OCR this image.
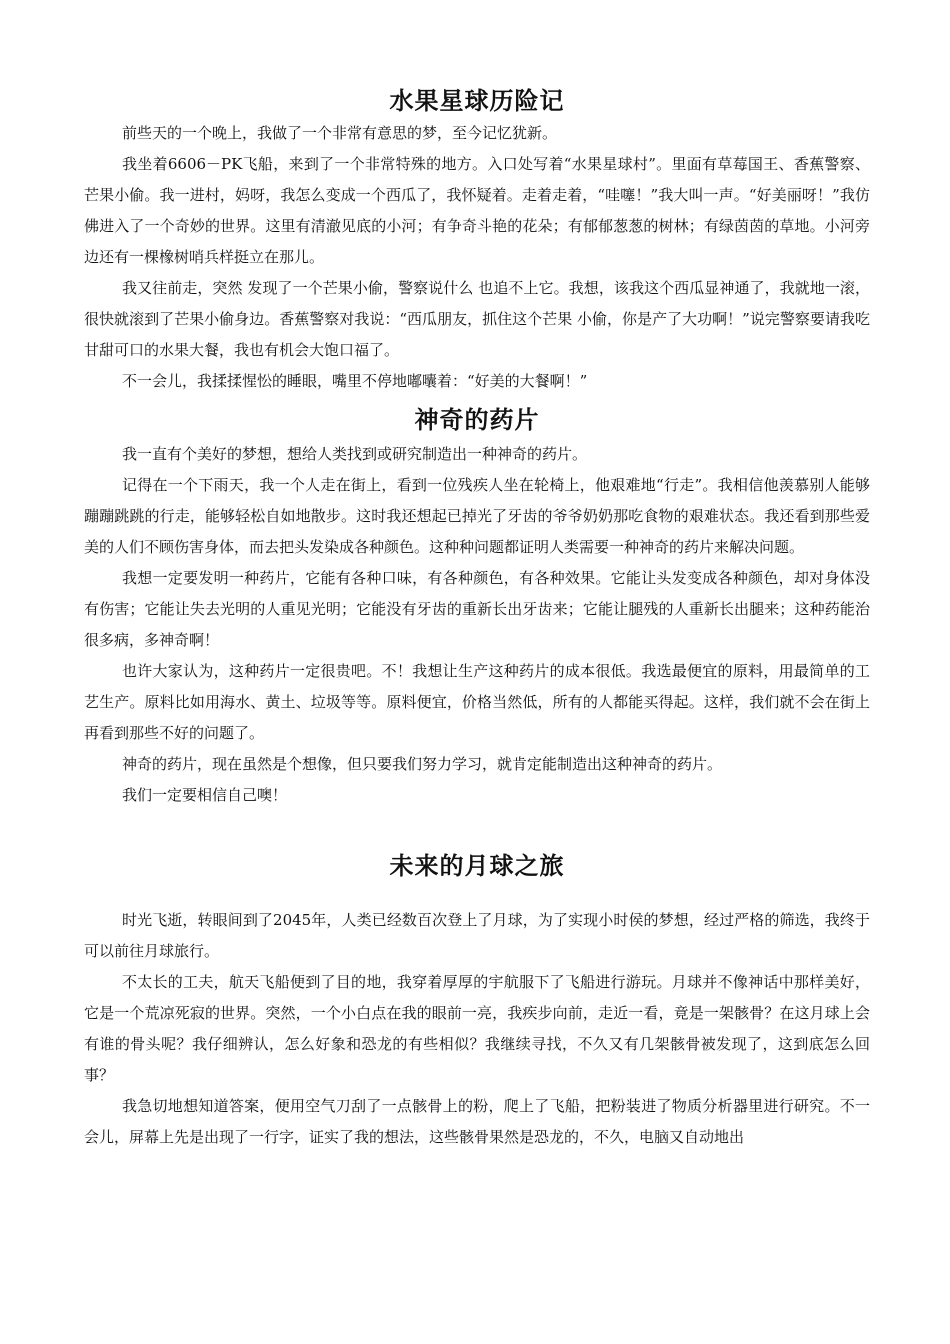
水果星球历险记

前些天的一个晚上，我做了一个非常有意思的梦，至今记忆犹新。

我坐着6606－PK飞船，来到了一个非常特殊的地方。入口处写着“水果星球村”。里面有草莓国王、香蕉警察、芒果小偷。我一进村，妈呀，我怎么变成一个西瓜了，我怀疑着。走着走着，“哇噻！”我大叫一声。“好美丽呀！”我仿佛进入了一个奇妙的世界。这里有清澈见底的小河；有争奇斗艳的花朵；有郁郁葱葱的树林；有绿茵茵的草地。小河旁边还有一棵橡树哨兵样挺立在那儿。

我又往前走，突然 发现了一个芒果小偷，警察说什么 也追不上它。我想，该我这个西瓜显神通了，我就地一滚，很快就滚到了芒果小偷身边。香蕉警察对我说：“西瓜朋友，抓住这个芒果 小偷，你是产了大功啊！”说完警察要请我吃甘甜可口的水果大餐，我也有机会大饱口福了。

不一会儿，我揉揉惺忪的睡眼，嘴里不停地嘟囔着：“好美的大餐啊！”

神奇的药片

我一直有个美好的梦想，想给人类找到或研究制造出一种神奇的药片。

记得在一个下雨天，我一个人走在街上，看到一位残疾人坐在轮椅上，他艰难地“行走”。我相信他羡慕别人能够蹦蹦跳跳的行走，能够轻松自如地散步。这时我还想起已掉光了牙齿的爷爷奶奶那吃食物的艰难状态。我还看到那些爱美的人们不顾伤害身体，而去把头发染成各种颜色。这种种问题都证明人类需要一种神奇的药片来解决问题。

我想一定要发明一种药片，它能有各种口味，有各种颜色，有各种效果。它能让头发变成各种颜色，却对身体没有伤害；它能让失去光明的人重见光明；它能没有牙齿的重新长出牙齿来；它能让腿残的人重新长出腿来；这种药能治很多病，多神奇啊！

也许大家认为，这种药片一定很贵吧。不！我想让生产这种药片的成本很低。我选最便宜的原料，用最简单的工艺生产。原料比如用海水、黄土、垃圾等等。原料便宜，价格当然低，所有的人都能买得起。这样，我们就不会在街上再看到那些不好的问题了。

神奇的药片，现在虽然是个想像，但只要我们努力学习，就肯定能制造出这种神奇的药片。

我们一定要相信自己噢！

未来的月球之旅

时光飞逝，转眼间到了2045年，人类已经数百次登上了月球，为了实现小时侯的梦想，经过严格的筛选，我终于可以前往月球旅行。

不太长的工夫，航天飞船便到了目的地，我穿着厚厚的宇航服下了飞船进行游玩。月球并不像神话中那样美好，它是一个荒凉死寂的世界。突然，一个小白点在我的眼前一亮，我疾步向前，走近一看，竟是一架骸骨？在这月球上会有谁的骨头呢？我仔细辨认，怎么好象和恐龙的有些相似？我继续寻找，不久又有几架骸骨被发现了，这到底怎么回事？

我急切地想知道答案，便用空气刀刮了一点骸骨上的粉，爬上了飞船，把粉装进了物质分析器里进行研究。不一会儿，屏幕上先是出现了一行字，证实了我的想法，这些骸骨果然是恐龙的，不久，电脑又自动地出
